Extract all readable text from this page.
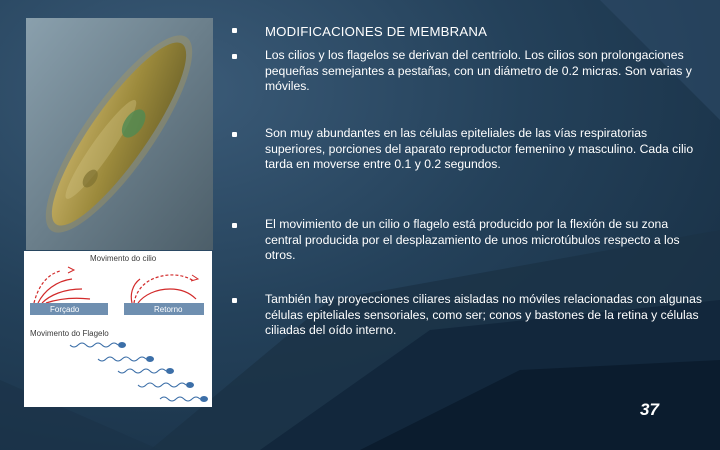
Movimento do cilio
Forçado	Retorno
Movimento do Flagelo
MODIFICACIONES DE MEMBRANA
Los cilios y los flagelos se derivan del centriolo. Los cilios son prolongaciones pequeñas semejantes a pestañas, con un diámetro de 0.2 micras. Son varias y móviles.
Son muy abundantes en las células epiteliales de las vías respiratorias superiores, porciones del aparato reproductor femenino y masculino. Cada cilio tarda en moverse entre 0.1 y 0.2 segundos.
El movimiento de un cilio o flagelo está producido por la flexión de su zona central producida por el desplazamiento de unos microtúbulos respecto a los otros.
También hay proyecciones ciliares aisladas no móviles relacionadas con algunas células epiteliales sensoriales, como ser; conos y bastones de la retina y células ciliadas del oído interno.
37
